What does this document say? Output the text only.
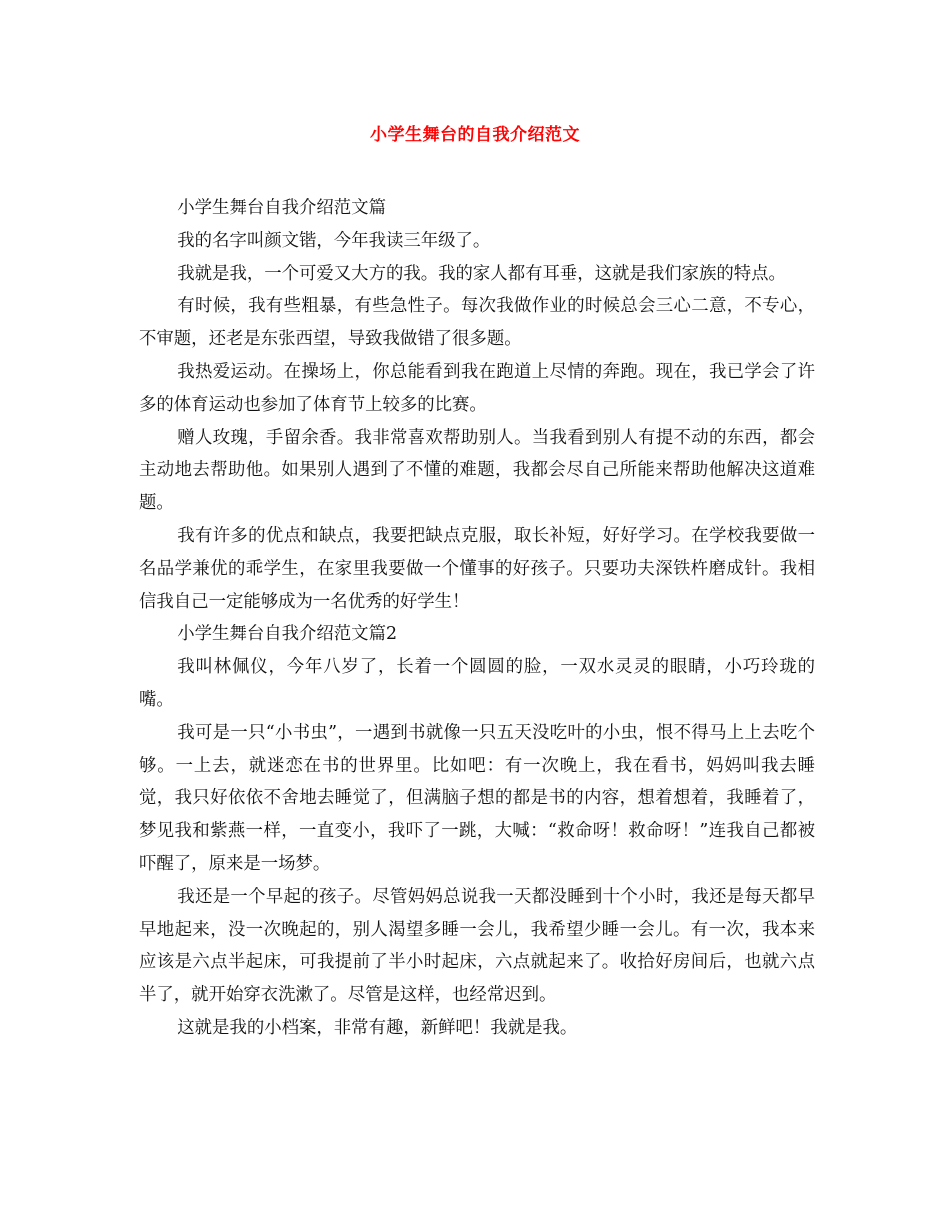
小学生舞台的自我介绍范文

小学生舞台自我介绍范文篇

我的名字叫颜文锴，今年我读三年级了。

我就是我，一个可爱又大方的我。我的家人都有耳垂，这就是我们家族的特点。

有时候，我有些粗暴，有些急性子。每次我做作业的时候总会三心二意，不专心，不审题，还老是东张西望，导致我做错了很多题。

我热爱运动。在操场上，你总能看到我在跑道上尽情的奔跑。现在，我已学会了许多的体育运动也参加了体育节上较多的比赛。

赠人玫瑰，手留余香。我非常喜欢帮助别人。当我看到别人有提不动的东西，都会主动地去帮助他。如果别人遇到了不懂的难题，我都会尽自己所能来帮助他解决这道难题。

我有许多的优点和缺点，我要把缺点克服，取长补短，好好学习。在学校我要做一名品学兼优的乖学生，在家里我要做一个懂事的好孩子。只要功夫深铁杵磨成针。我相信我自己一定能够成为一名优秀的好学生！

小学生舞台自我介绍范文篇2

我叫林佩仪，今年八岁了，长着一个圆圆的脸，一双水灵灵的眼睛，小巧玲珑的嘴。

我可是一只“小书虫”，一遇到书就像一只五天没吃叶的小虫，恨不得马上上去吃个够。一上去，就迷恋在书的世界里。比如吧：有一次晚上，我在看书，妈妈叫我去睡觉，我只好依依不舍地去睡觉了，但满脑子想的都是书的内容，想着想着，我睡着了，梦见我和紫燕一样，一直变小，我吓了一跳，大喊：“救命呀！救命呀！”连我自己都被吓醒了，原来是一场梦。

我还是一个早起的孩子。尽管妈妈总说我一天都没睡到十个小时，我还是每天都早早地起来，没一次晚起的，别人渴望多睡一会儿，我希望少睡一会儿。有一次，我本来应该是六点半起床，可我提前了半小时起床，六点就起来了。收拾好房间后，也就六点半了，就开始穿衣洗漱了。尽管是这样，也经常迟到。

这就是我的小档案，非常有趣，新鲜吧！我就是我。
